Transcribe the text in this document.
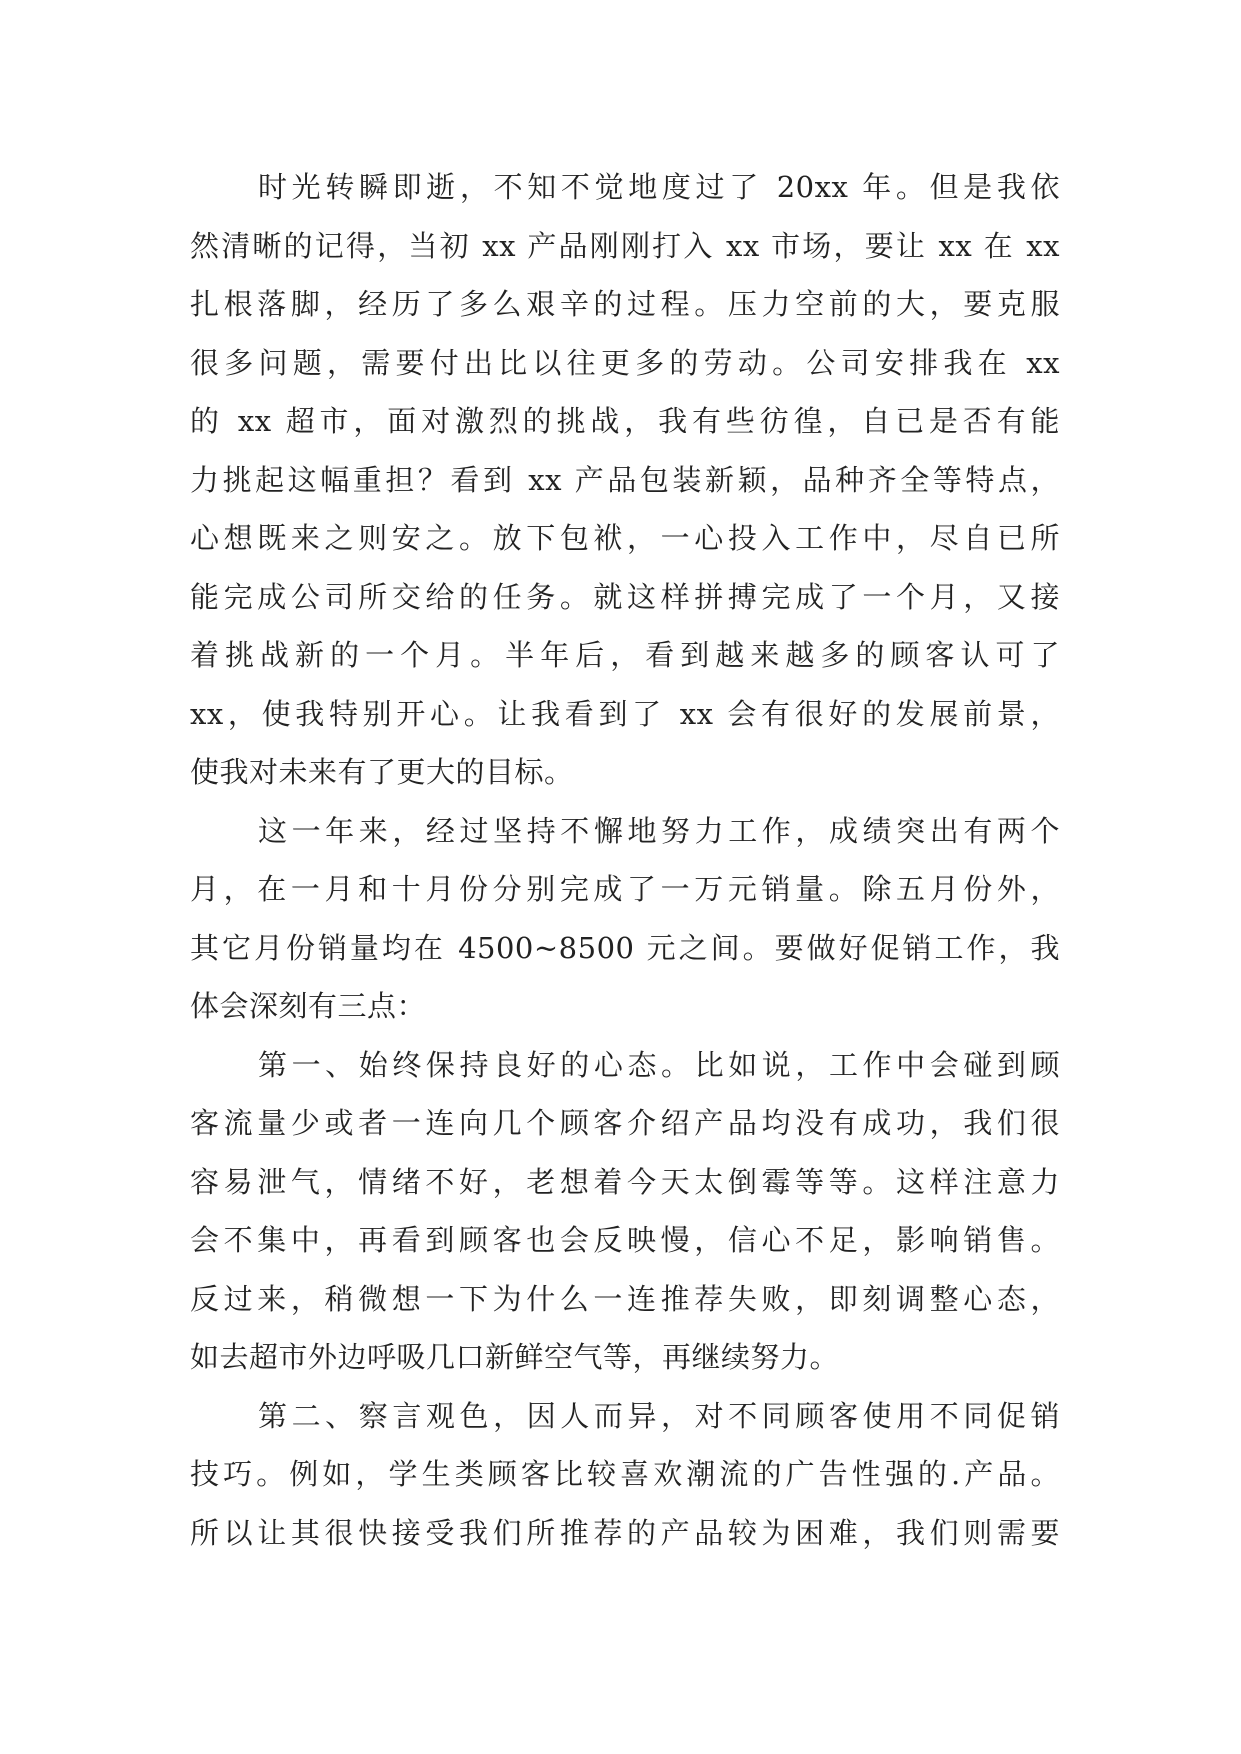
时光转瞬即逝，不知不觉地度过了 20xx 年。但是我依
然清晰的记得，当初 xx 产品刚刚打入 xx 市场，要让 xx 在 xx
扎根落脚，经历了多么艰辛的过程。压力空前的大，要克服
很多问题，需要付出比以往更多的劳动。公司安排我在 xx
的 xx 超市，面对激烈的挑战，我有些彷徨，自已是否有能
力挑起这幅重担？看到 xx 产品包装新颖，品种齐全等特点，
心想既来之则安之。放下包袱，一心投入工作中，尽自已所
能完成公司所交给的任务。就这样拼搏完成了一个月，又接
着挑战新的一个月。半年后，看到越来越多的顾客认可了
xx，使我特别开心。让我看到了 xx 会有很好的发展前景，
使我对未来有了更大的目标。
这一年来，经过坚持不懈地努力工作，成绩突出有两个
月，在一月和十月份分别完成了一万元销量。除五月份外，
其它月份销量均在 4500~8500 元之间。要做好促销工作，我
体会深刻有三点：
第一、始终保持良好的心态。比如说，工作中会碰到顾
客流量少或者一连向几个顾客介绍产品均没有成功，我们很
容易泄气，情绪不好，老想着今天太倒霉等等。这样注意力
会不集中，再看到顾客也会反映慢，信心不足，影响销售。
反过来，稍微想一下为什么一连推荐失败，即刻调整心态，
如去超市外边呼吸几口新鲜空气等，再继续努力。
第二、察言观色，因人而异，对不同顾客使用不同促销
技巧。例如，学生类顾客比较喜欢潮流的广告性强的.产品。
所以让其很快接受我们所推荐的产品较为困难，我们则需要
